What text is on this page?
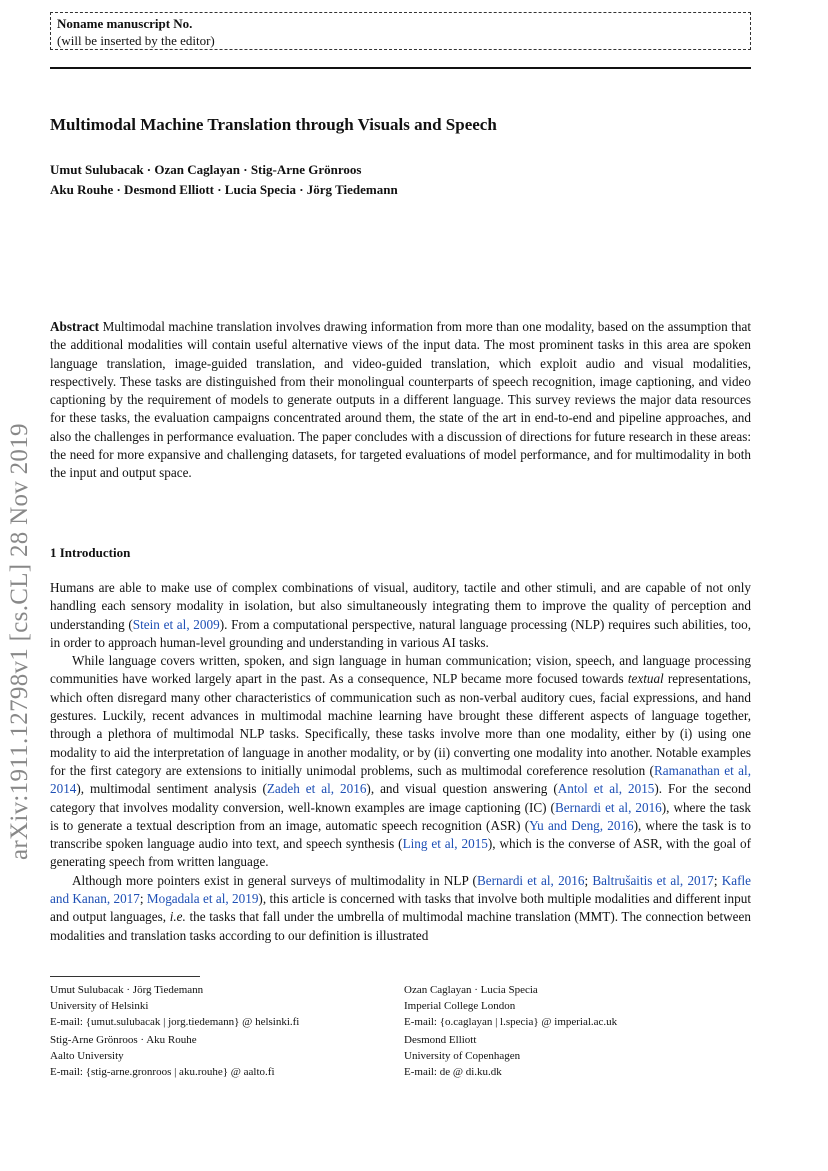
Noname manuscript No.
(will be inserted by the editor)
arXiv:1911.12798v1 [cs.CL] 28 Nov 2019
Multimodal Machine Translation through Visuals and Speech
Umut Sulubacak · Ozan Caglayan · Stig-Arne Grönroos
Aku Rouhe · Desmond Elliott · Lucia Specia · Jörg Tiedemann
Abstract Multimodal machine translation involves drawing information from more than one modality, based on the assumption that the additional modalities will contain useful alternative views of the input data. The most prominent tasks in this area are spoken language translation, image-guided translation, and video-guided translation, which exploit audio and visual modalities, respectively. These tasks are distinguished from their monolingual counterparts of speech recognition, image captioning, and video captioning by the requirement of models to generate outputs in a different language. This survey reviews the major data resources for these tasks, the evaluation campaigns concentrated around them, the state of the art in end-to-end and pipeline approaches, and also the challenges in performance evaluation. The paper concludes with a discussion of directions for future research in these areas: the need for more expansive and challenging datasets, for targeted evaluations of model performance, and for multimodality in both the input and output space.
1 Introduction

Humans are able to make use of complex combinations of visual, auditory, tactile and other stimuli, and are capable of not only handling each sensory modality in isolation, but also simultaneously integrating them to improve the quality of perception and understanding (Stein et al, 2009). From a computational perspective, natural language processing (NLP) requires such abilities, too, in order to approach human-level grounding and understanding in various AI tasks.

While language covers written, spoken, and sign language in human communication; vision, speech, and language processing communities have worked largely apart in the past. As a consequence, NLP became more focused towards textual representations, which often disregard many other characteristics of communication such as non-verbal auditory cues, facial expressions, and hand gestures. Luckily, recent advances in multimodal machine learning have brought these different aspects of language together, through a plethora of multimodal NLP tasks. Specifically, these tasks involve more than one modality, either by (i) using one modality to aid the interpretation of language in another modality, or by (ii) converting one modality into another. Notable examples for the first category are extensions to initially unimodal problems, such as multimodal coreference resolution (Ramanathan et al, 2014), multimodal sentiment analysis (Zadeh et al, 2016), and visual question answering (Antol et al, 2015). For the second category that involves modality conversion, well-known examples are image captioning (IC) (Bernardi et al, 2016), where the task is to generate a textual description from an image, automatic speech recognition (ASR) (Yu and Deng, 2016), where the task is to transcribe spoken language audio into text, and speech synthesis (Ling et al, 2015), which is the converse of ASR, with the goal of generating speech from written language.

Although more pointers exist in general surveys of multimodality in NLP (Bernardi et al, 2016; Baltrušaitis et al, 2017; Kafle and Kanan, 2017; Mogadala et al, 2019), this article is concerned with tasks that involve both multiple modalities and different input and output languages, i.e. the tasks that fall under the umbrella of multimodal machine translation (MMT). The connection between modalities and translation tasks according to our definition is illustrated

Umut Sulubacak · Jörg Tiedemann
University of Helsinki
E-mail: {umut.sulubacak | jorg.tiedemann} @ helsinki.fi
Ozan Caglayan · Lucia Specia
Imperial College London
E-mail: {o.caglayan | l.specia} @ imperial.ac.uk
Stig-Arne Grönroos · Aku Rouhe
Aalto University
E-mail: {stig-arne.gronroos | aku.rouhe} @ aalto.fi
Desmond Elliott
University of Copenhagen
E-mail: de @ di.ku.dk
